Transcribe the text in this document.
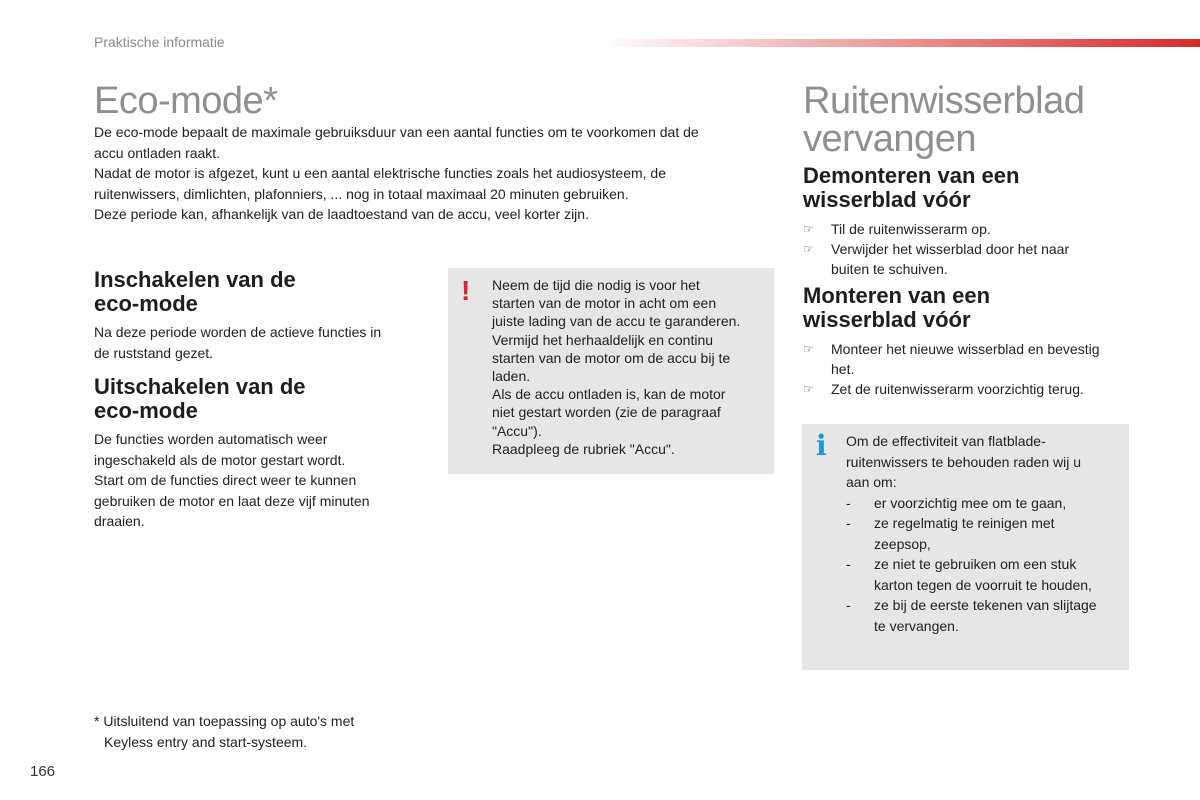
Praktische informatie
Eco-mode*
De eco-mode bepaalt de maximale gebruiksduur van een aantal functies om te voorkomen dat de
accu ontladen raakt.
Nadat de motor is afgezet, kunt u een aantal elektrische functies zoals het audiosysteem, de
ruitenwissers, dimlichten, plafonniers, ... nog in totaal maximaal 20 minuten gebruiken.
Deze periode kan, afhankelijk van de laadtoestand van de accu, veel korter zijn.
Inschakelen van de
eco-mode
Na deze periode worden de actieve functies in
de ruststand gezet.
Uitschakelen van de
eco-mode
De functies worden automatisch weer
ingeschakeld als de motor gestart wordt.
Start om de functies direct weer te kunnen
gebruiken de motor en laat deze vijf minuten
draaien.
! Neem de tijd die nodig is voor het
starten van de motor in acht om een
juiste lading van de accu te garanderen.
Vermijd het herhaaldelijk en continu
starten van de motor om de accu bij te
laden.
Als de accu ontladen is, kan de motor
niet gestart worden (zie de paragraaf
"Accu").
Raadpleeg de rubriek "Accu".
* Uitsluitend van toepassing op auto's met
Keyless entry and start-systeem.
166
Ruitenwisserblad
vervangen
Demonteren van een
wisserblad vóór
☞ Til de ruitenwisserarm op.
☞ Verwijder het wisserblad door het naar
buiten te schuiven.
Monteren van een
wisserblad vóór
☞ Monteer het nieuwe wisserblad en bevestig
het.
☞ Zet de ruitenwisserarm voorzichtig terug.
i Om de effectiviteit van flatblade-
ruitenwissers te behouden raden wij u
aan om:
- er voorzichtig mee om te gaan,
- ze regelmatig te reinigen met
zeepsop,
- ze niet te gebruiken om een stuk
karton tegen de voorruit te houden,
- ze bij de eerste tekenen van slijtage
te vervangen.
